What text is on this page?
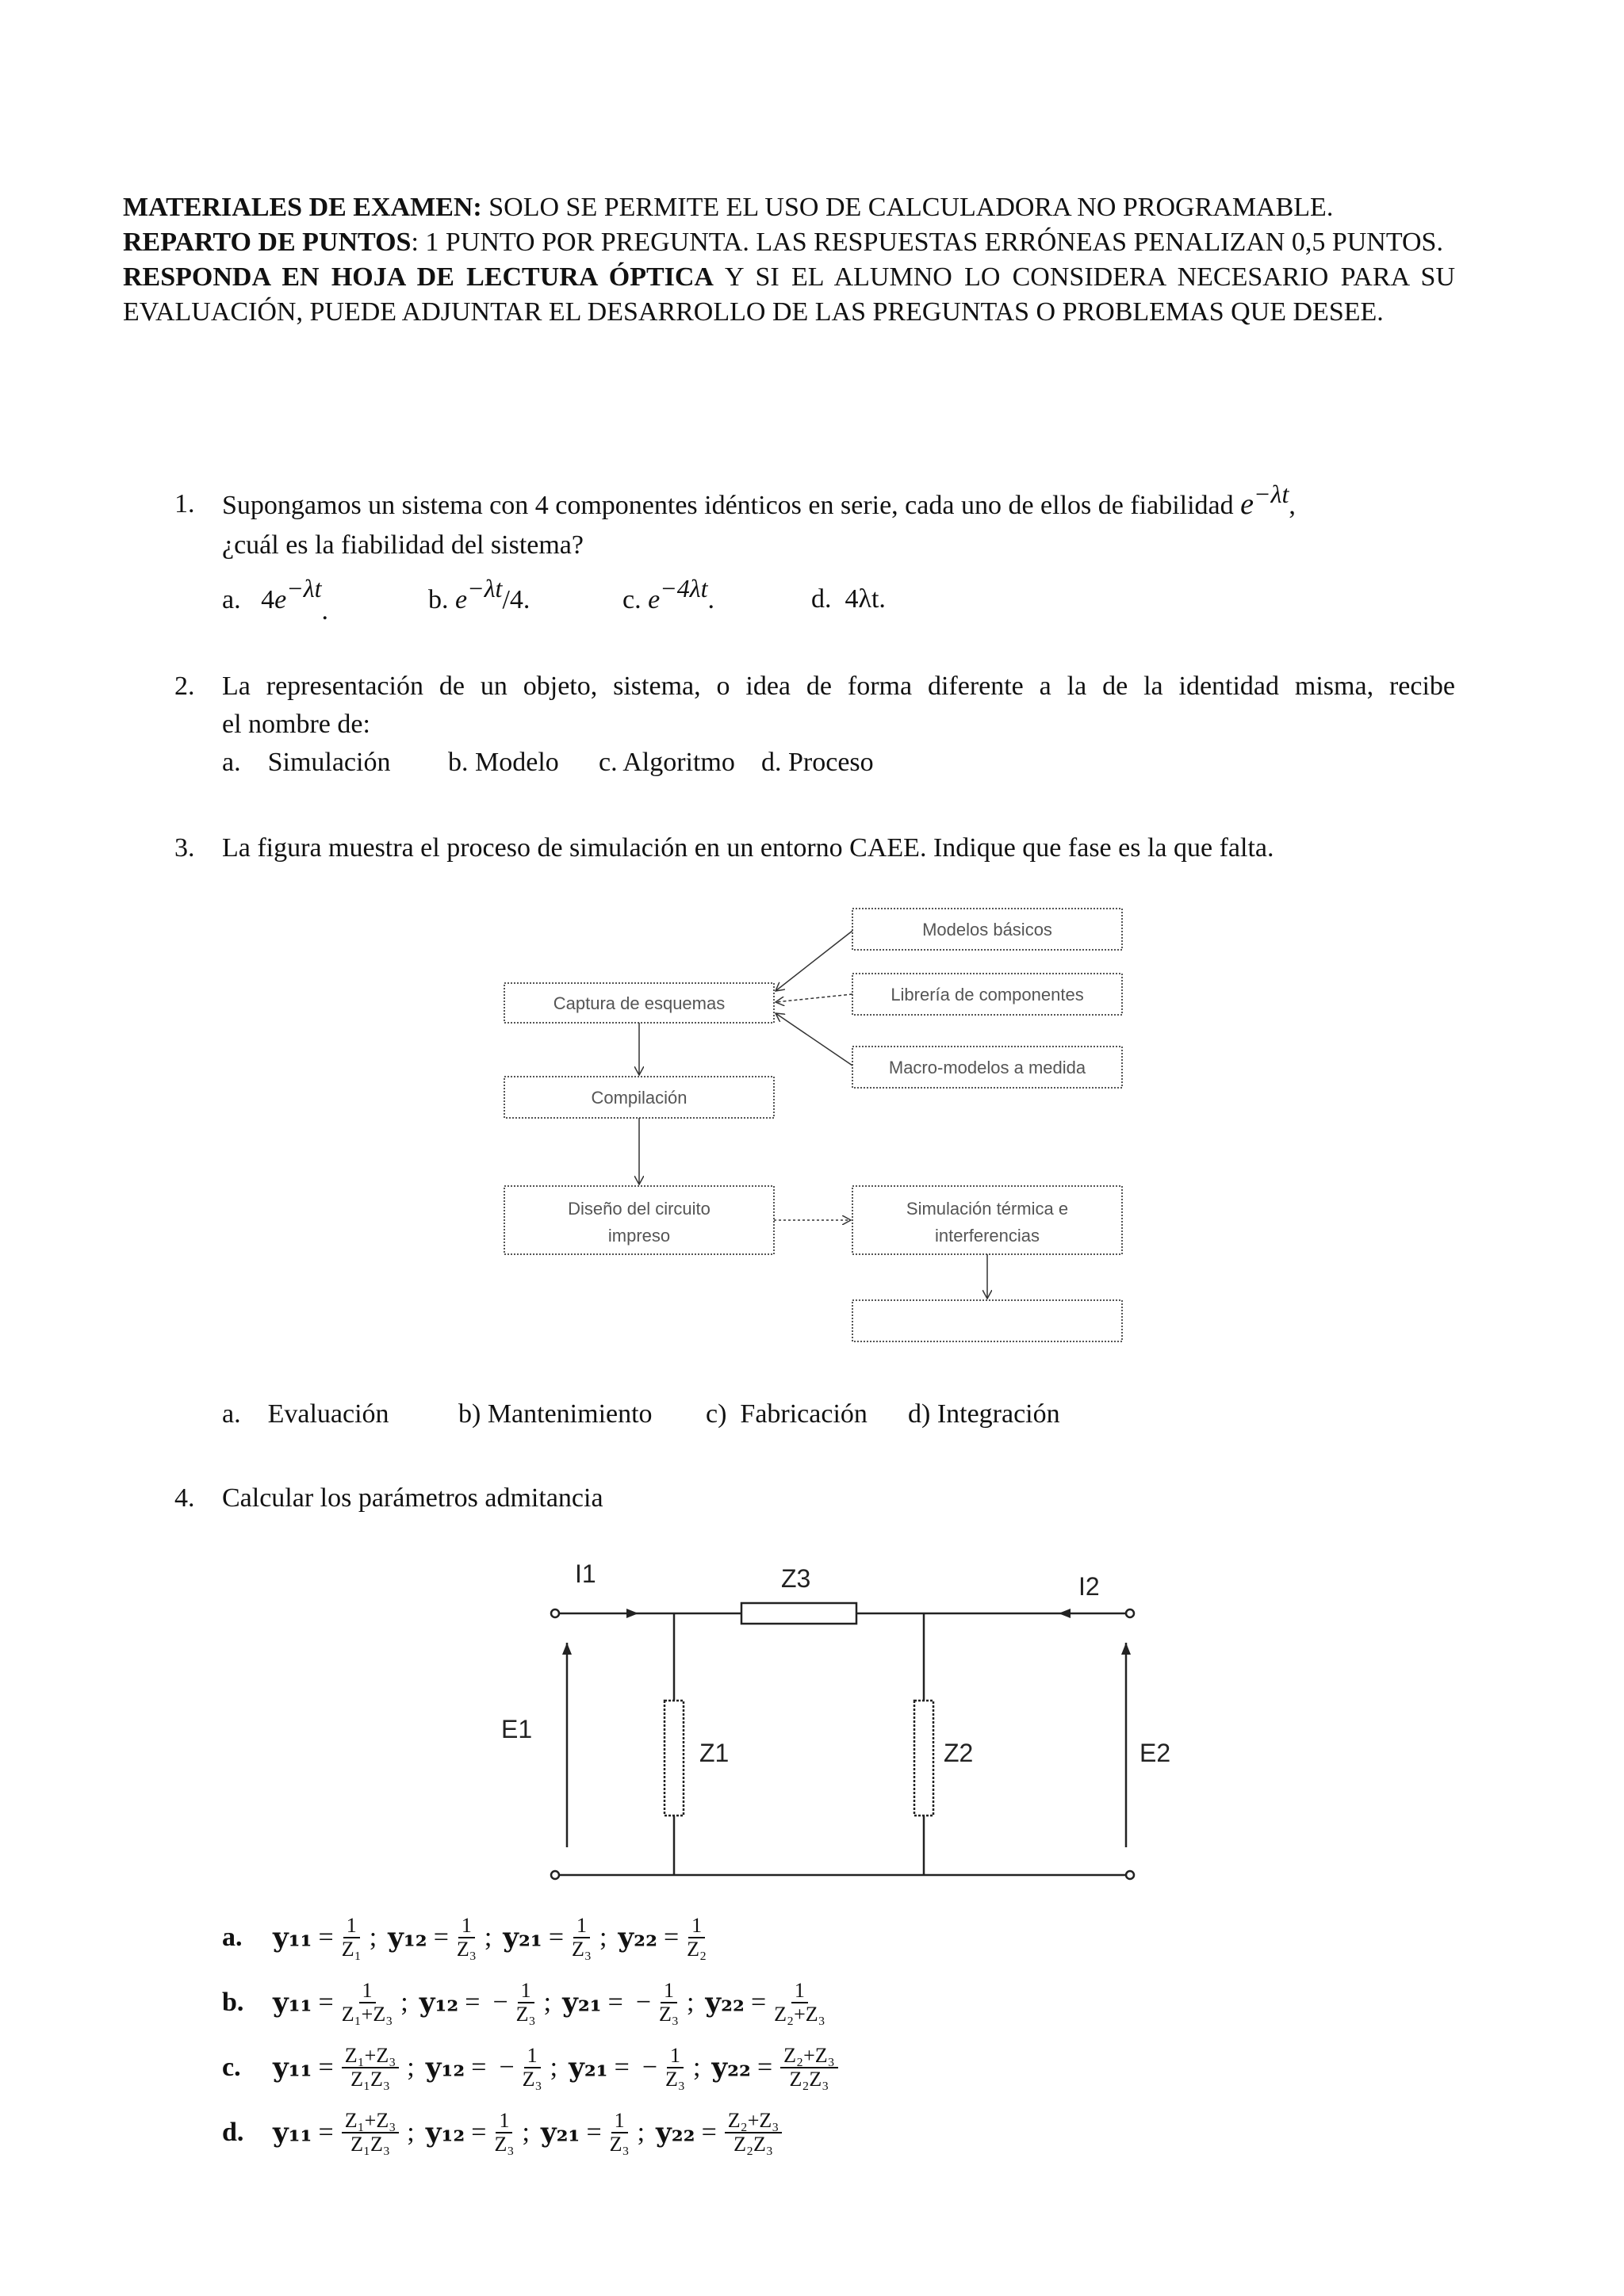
MATERIALES DE EXAMEN: SOLO SE PERMITE EL USO DE CALCULADORA NO PROGRAMABLE.

REPARTO DE PUNTOS: 1 PUNTO POR PREGUNTA. LAS RESPUESTAS ERRÓNEAS PENALIZAN 0,5 PUNTOS.

RESPONDA EN HOJA DE LECTURA ÓPTICA Y SI EL ALUMNO LO CONSIDERA NECESARIO PARA SU EVALUACIÓN, PUEDE ADJUNTAR EL DESARROLLO DE LAS PREGUNTAS O PROBLEMAS QUE DESEE.

1.	Supongamos un sistema con 4 componentes idénticos en serie, cada uno de ellos de fiabilidad e−λt,
¿cuál es la fiabilidad del sistema?
a. 4e−λt.	b. e−λt/4.	c. e−4λt.	d. 4λt.
2.	La representación de un objeto, sistema, o idea de forma diferente a la de la identidad misma, recibe
el nombre de:
a.    Simulación b. Modelo c. Algoritmo d. Proceso
3.	La figura muestra el proceso de simulación en un entorno CAEE. Indique que fase es la que falta.
Captura de esquemas
Modelos básicos
Librería de componentes
Macro-modelos a medida
Compilación
Diseño del circuito
impreso
Simulación térmica e
interferencias
a.    Evaluación	b) Mantenimiento c)  Fabricación d) Integración
4.	Calcular los parámetros admitancia
I1	Z3	I2
E1
Z1	Z2	E2
a.	$y_{11} = \frac{1}{\text{Z₁}}$ ; $y_{12} = \frac{1}{\text{Z₃}}$ ; $y_{21} = \frac{1}{\text{Z₃}}$ ; $y_{22} = \frac{1}{\text{Z₂}}$
b.	$y_{11} = \frac{1}{\text{Z₁+Z₃}}$ ; y₁₂ = − $\frac{1}{\text{Z₃}}$ ; y₂₁ = − $\frac{1}{\text{Z₃}}$ ; $y_{22} = \frac{1}{\text{Z₂+Z₃}}$
c.	$y_{11} = \frac{\text{Z₁+Z₃}}{\text{Z₁Z₃}}$ ; y₁₂ = − $\frac{1}{\text{Z₃}}$ ; y₂₁ = − $\frac{1}{\text{Z₃}}$ ; $y_{22} = \frac{\text{Z₂+Z₃}}{\text{Z₂Z₃}}$
d.	$y_{11} = \frac{\text{Z₁+Z₃}}{\text{Z₁Z₃}}$ ; $y_{12} = \frac{1}{\text{Z₃}}$ ; $y_{21} = \frac{1}{\text{Z₃}}$ ; $y_{22} = \frac{\text{Z₂+Z₃}}{\text{Z₂Z₃}}$
